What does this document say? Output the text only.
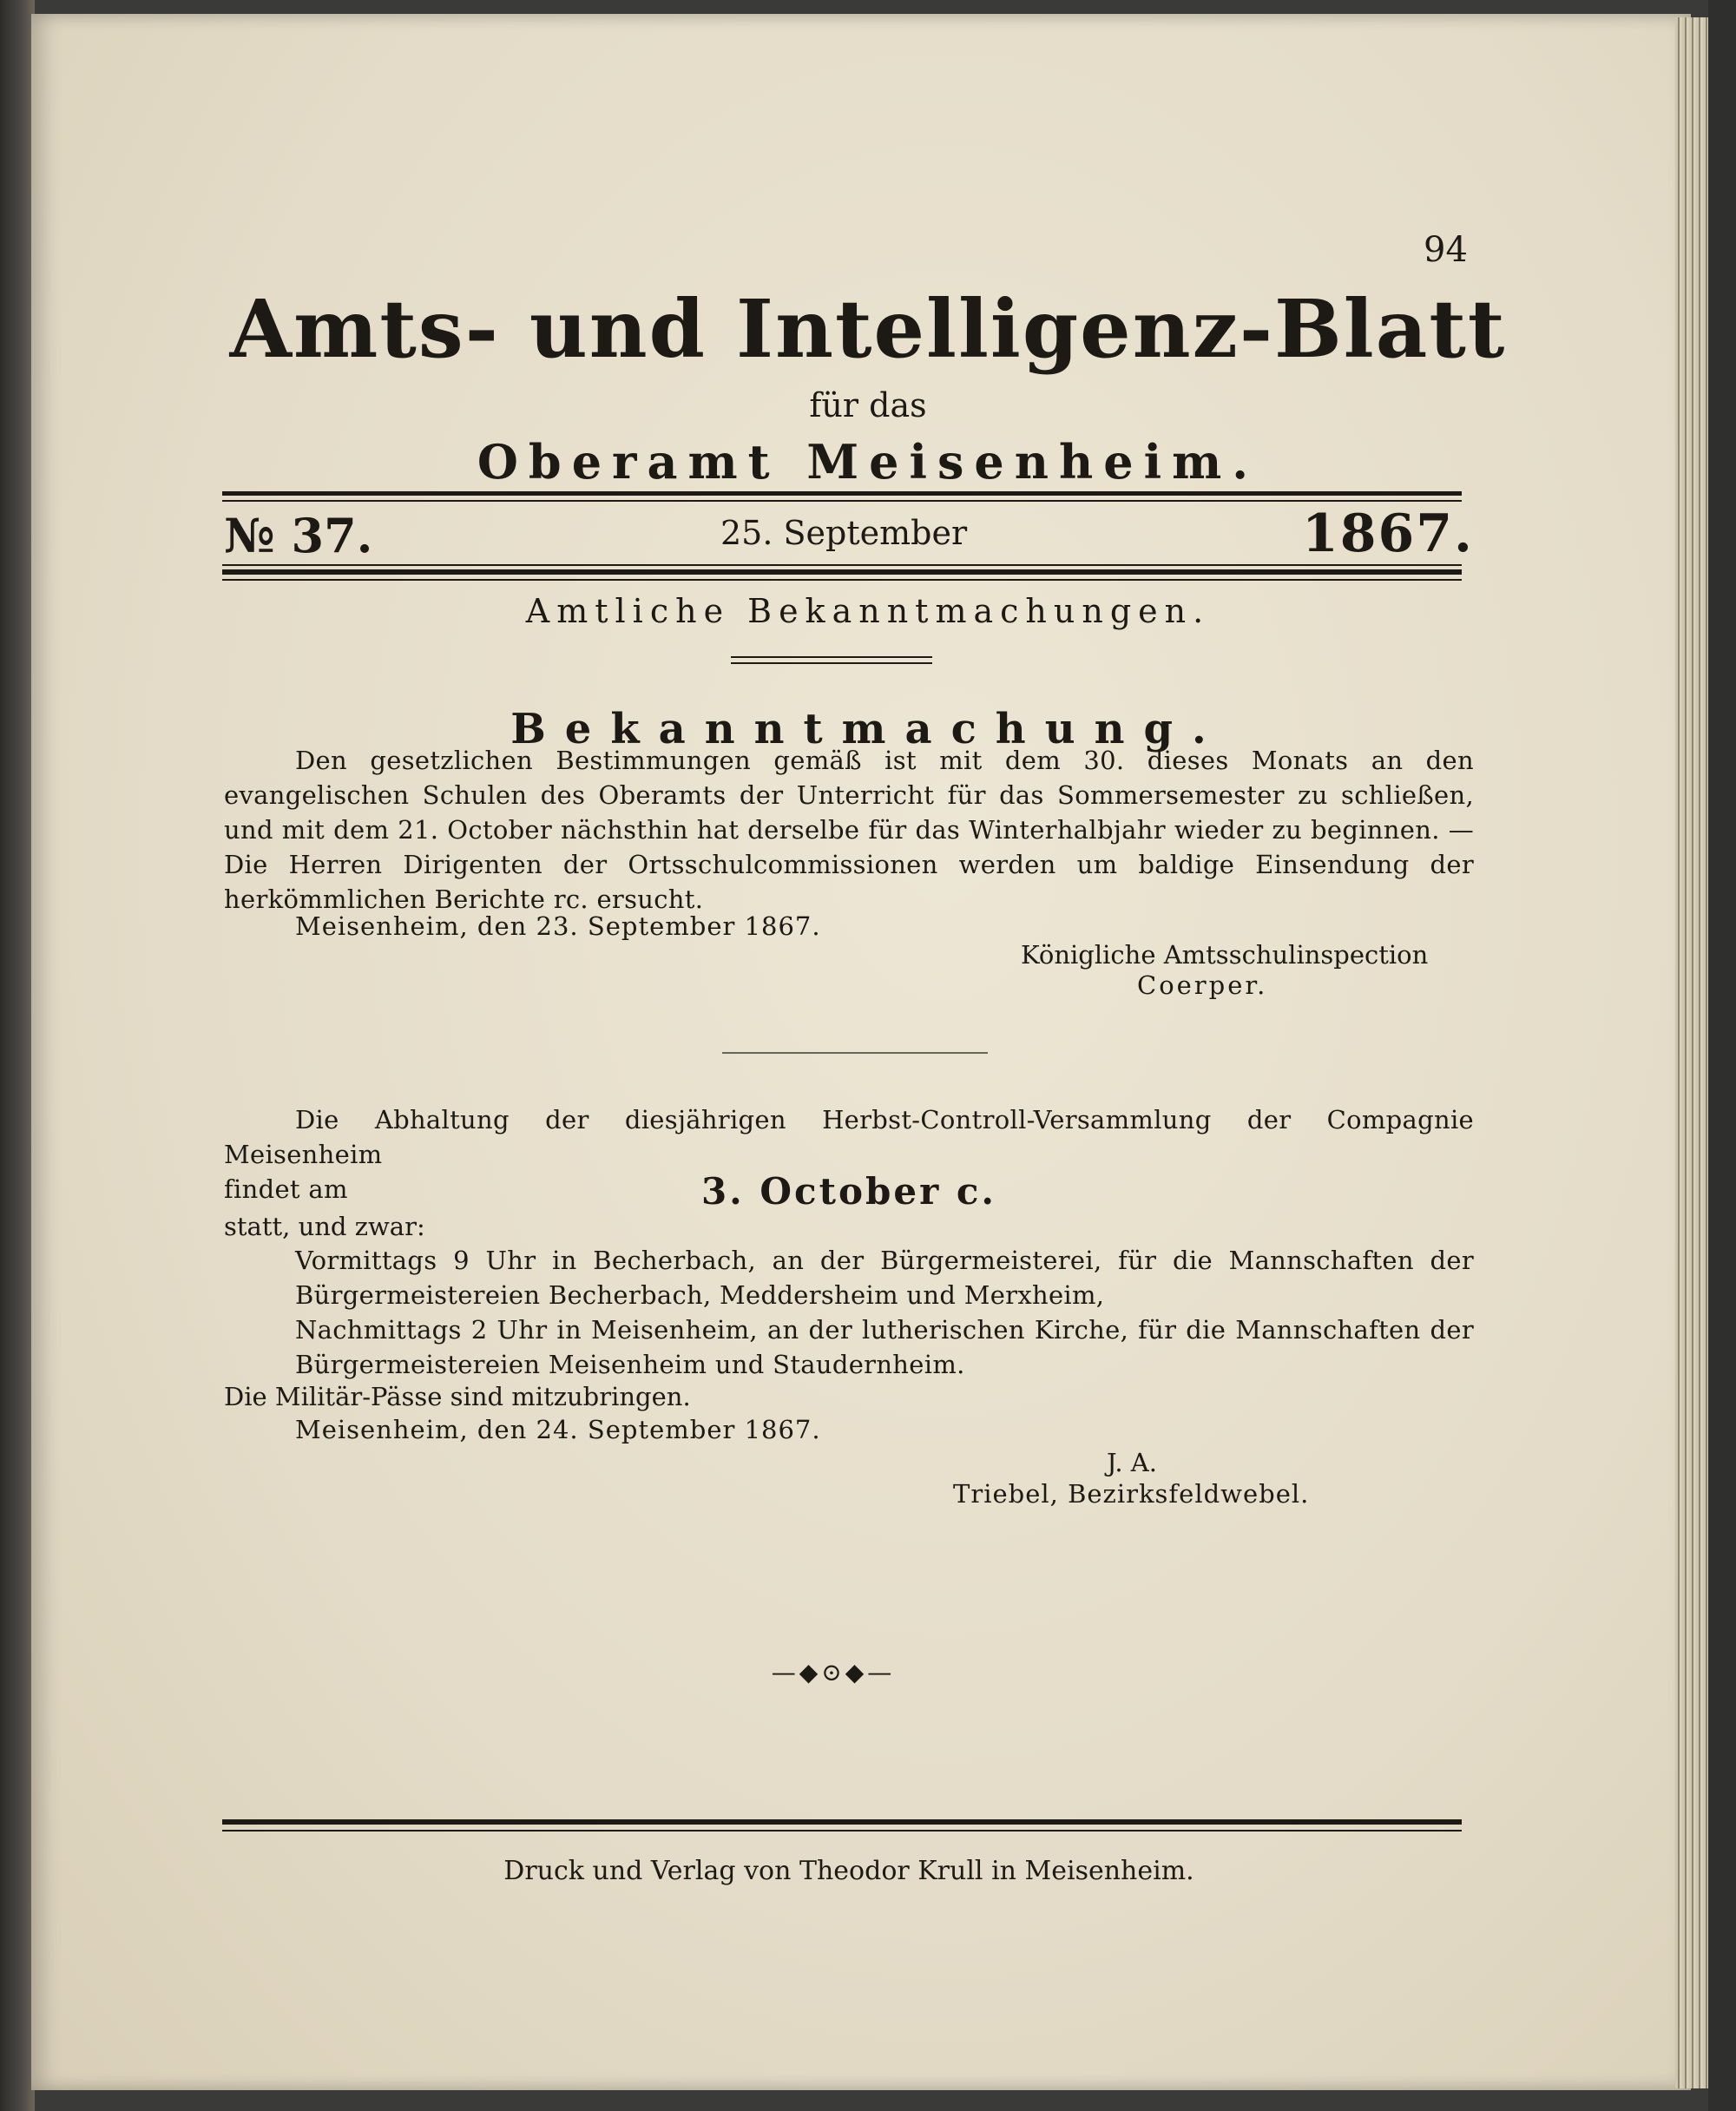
94
Amts- und Intelligenz-Blatt
für das
Oberamt Meisenheim.
№ 37.	25. September	1867.
Amtliche Bekanntmachungen.
Bekanntmachung.
Den gesetzlichen Bestimmungen gemäß ist mit dem 30. dieses Monats an den evangelischen Schulen des Oberamts der Unterricht für das Sommersemester zu schließen, und mit dem 21. October nächsthin hat derselbe für das Winterhalbjahr wieder zu beginnen. — Die Herren Dirigenten der Ortsschulcommissionen werden um baldige Einsendung der herkömmlichen Berichte rc. ersucht.
Meisenheim, den 23. September 1867.
Königliche Amtsschulinspection
Coerper.
Die Abhaltung der diesjährigen Herbst-Controll-Versammlung der Compagnie Meisenheim
findet am	3. October c.
statt, und zwar:
Vormittags 9 Uhr in Becherbach, an der Bürgermeisterei, für die Mannschaften der Bürgermeistereien Becherbach, Meddersheim und Merxheim,
Nachmittags 2 Uhr in Meisenheim, an der lutherischen Kirche, für die Mannschaften der Bürgermeistereien Meisenheim und Staudernheim.
Die Militär-Pässe sind mitzubringen.
Meisenheim, den 24. September 1867.
J. A.
Triebel, Bezirksfeldwebel.
—◆⊙◆—
Druck und Verlag von Theodor Krull in Meisenheim.
